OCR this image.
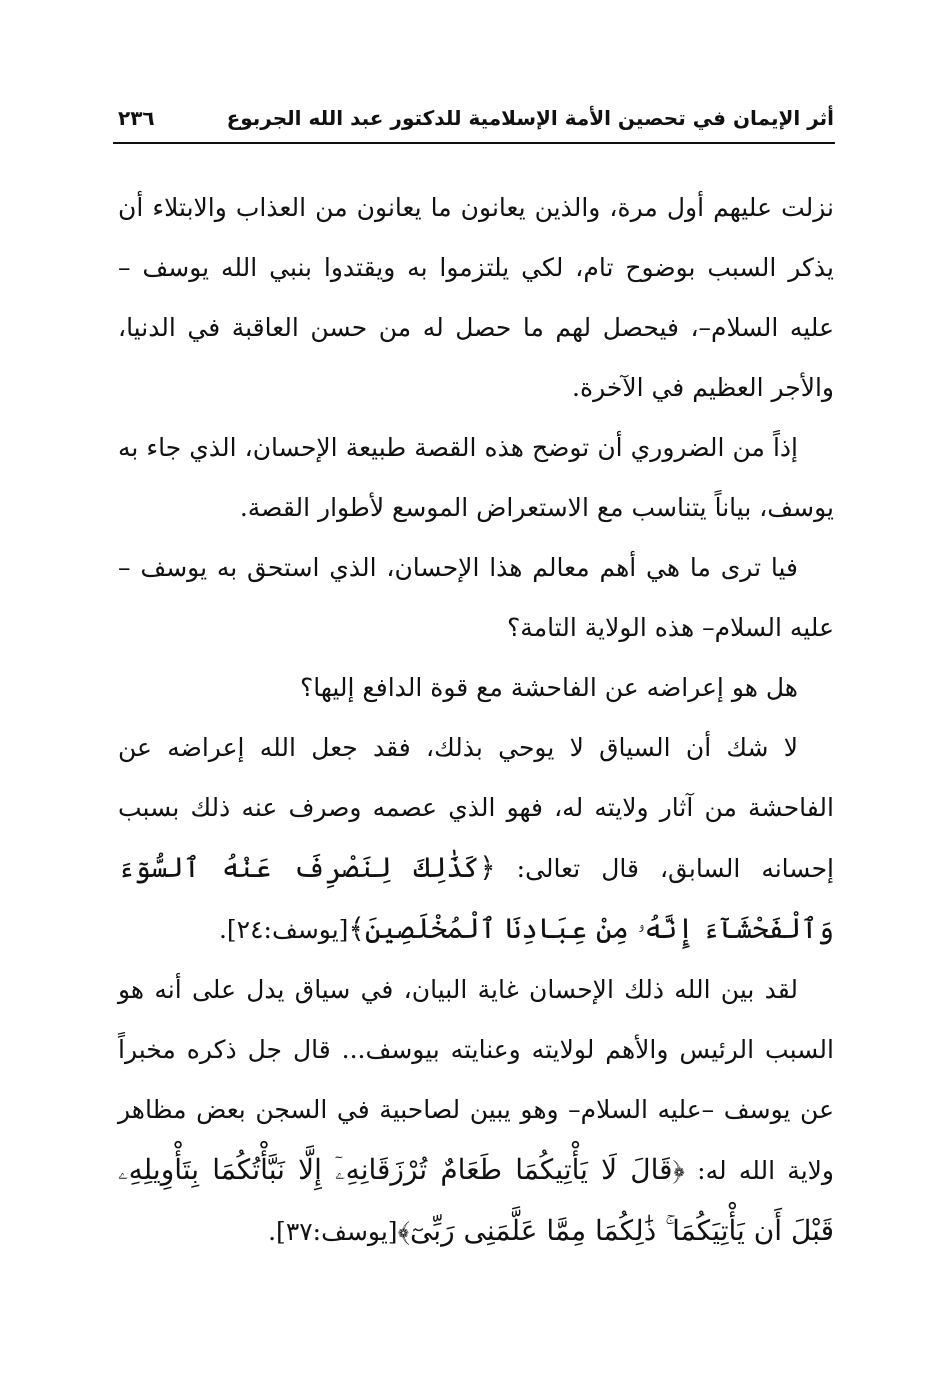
أثر الإيمان في تحصين الأمة الإسلامية للدكتور عبد الله الجربوع
٢٣٦

نزلت عليهم أول مرة، والذين يعانون ما يعانون من العذاب والابتلاء أن يذكر السبب بوضوح تام، لكي يلتزموا به ويقتدوا بنبي الله يوسف –عليه السلام–، فيحصل لهم ما حصل له من حسن العاقبة في الدنيا، والأجر العظيم في الآخرة.

إذاً من الضروري أن توضح هذه القصة طبيعة الإحسان، الذي جاء به يوسف، بياناً يتناسب مع الاستعراض الموسع لأطوار القصة.

فيا ترى ما هي أهم معالم هذا الإحسان، الذي استحق به يوسف –عليه السلام– هذه الولاية التامة؟

هل هو إعراضه عن الفاحشة مع قوة الدافع إليها؟

لا شك أن السياق لا يوحي بذلك، فقد جعل الله إعراضه عن الفاحشة من آثار ولايته له، فهو الذي عصمه وصرف عنه ذلك بسبب إحسانه السابق، قال تعالى: ﴿كَذَٰلِكَ لِنَصْرِفَ عَنْهُ ٱلسُّوٓءَ وَٱلْفَحْشَآءَ إِنَّهُۥ مِنْ عِبَادِنَا ٱلْمُخْلَصِينَ﴾[يوسف:٢٤].

لقد بين الله ذلك الإحسان غاية البيان، في سياق يدل على أنه هو السبب الرئيس والأهم لولايته وعنايته بيوسف... قال جل ذكره مخبراً عن يوسف –عليه السلام– وهو يبين لصاحبية في السجن بعض مظاهر ولاية الله له: ﴿قَالَ لَا يَأْتِيكُمَا طَعَامٌ تُرْزَقَانِهِۦٓ إِلَّا نَبَّأْتُكُمَا بِتَأْوِيلِهِۦ قَبْلَ أَن يَأْتِيَكُمَا ۚ ذَٰلِكُمَا مِمَّا عَلَّمَنِى رَبِّىٓ﴾[يوسف:٣٧].
